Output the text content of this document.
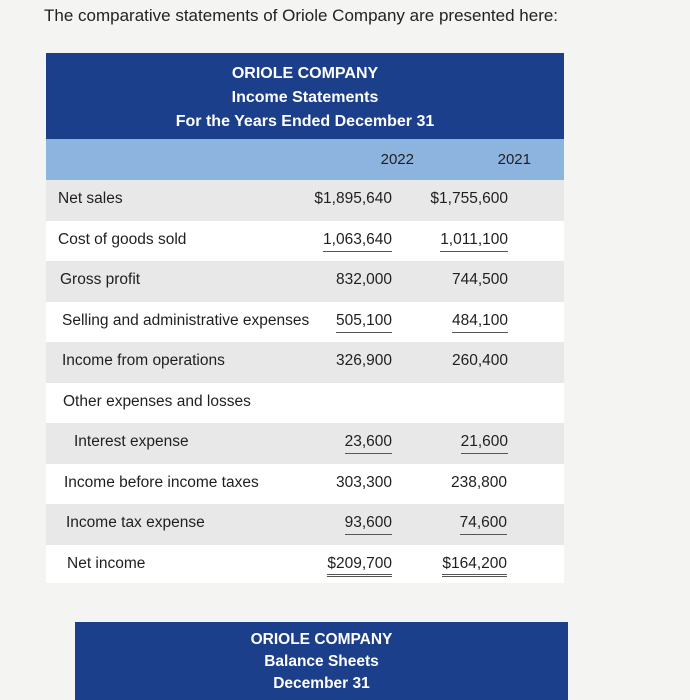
The comparative statements of Oriole Company are presented here:
ORIOLE COMPANY
Income Statements
For the Years Ended December 31
2022	2021
Net sales	$1,895,640	$1,755,600
Cost of goods sold	1,063,640	1,011,100
Gross profit	832,000	744,500
Selling and administrative expenses	505,100	484,100
Income from operations	326,900	260,400
Other expenses and losses
Interest expense	23,600	21,600
Income before income taxes	303,300	238,800
Income tax expense	93,600	74,600
Net income	$209,700	$164,200
ORIOLE COMPANY
Balance Sheets
December 31
